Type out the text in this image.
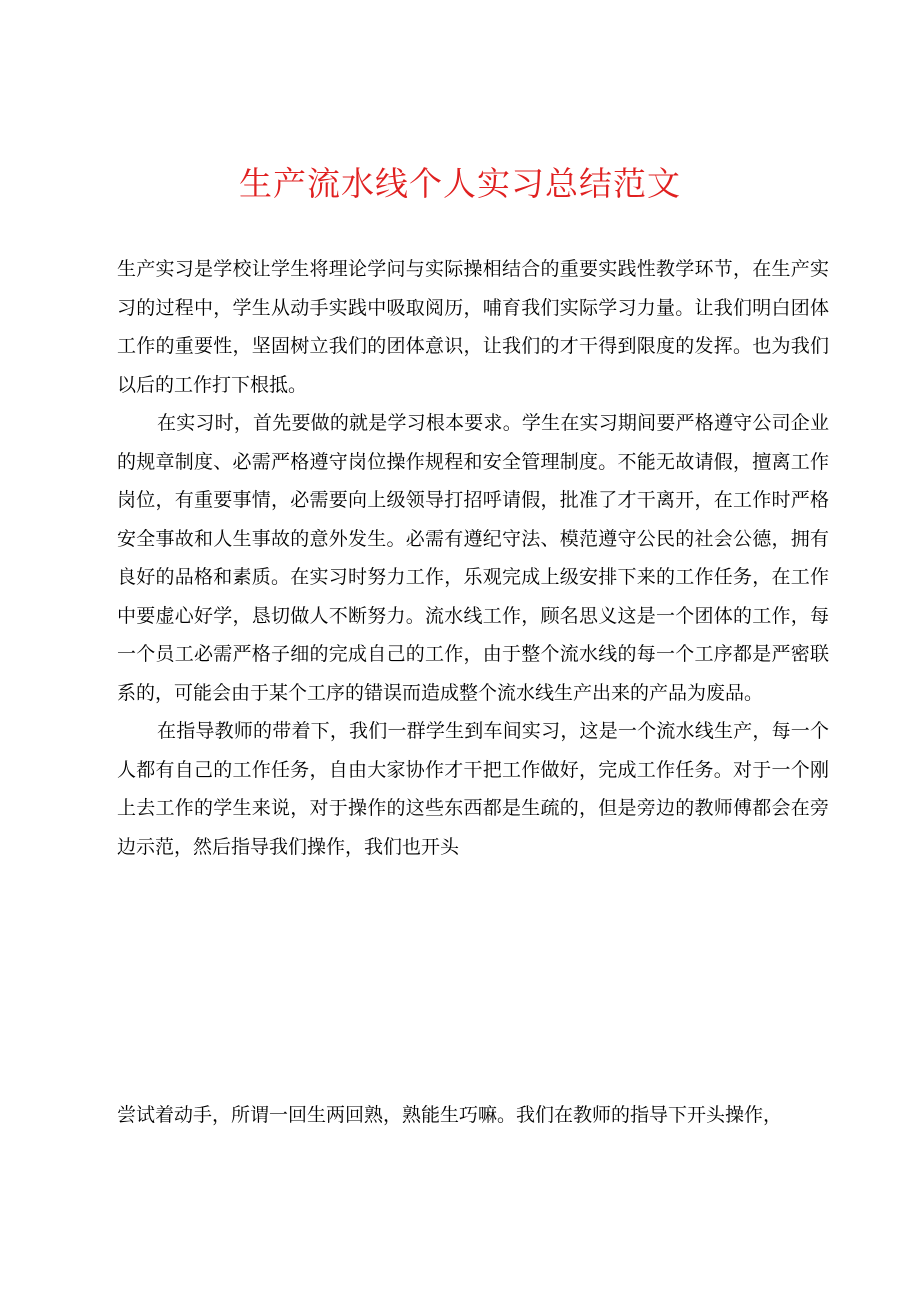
生产流水线个人实习总结范文

生产实习是学校让学生将理论学问与实际操相结合的重要实践性教学环节，在生产实习的过程中，学生从动手实践中吸取阅历，哺育我们实际学习力量。让我们明白团体工作的重要性，坚固树立我们的团体意识，让我们的才干得到限度的发挥。也为我们以后的工作打下根抵。

在实习时，首先要做的就是学习根本要求。学生在实习期间要严格遵守公司企业的规章制度、必需严格遵守岗位操作规程和安全管理制度。不能无故请假，擅离工作岗位，有重要事情，必需要向上级领导打招呼请假，批准了才干离开，在工作时严格安全事故和人生事故的意外发生。必需有遵纪守法、模范遵守公民的社会公德，拥有良好的品格和素质。在实习时努力工作，乐观完成上级安排下来的工作任务，在工作中要虚心好学，恳切做人不断努力。流水线工作，顾名思义这是一个团体的工作，每一个员工必需严格子细的完成自己的工作，由于整个流水线的每一个工序都是严密联系的，可能会由于某个工序的错误而造成整个流水线生产出来的产品为废品。

在指导教师的带着下，我们一群学生到车间实习，这是一个流水线生产，每一个人都有自己的工作任务，自由大家协作才干把工作做好，完成工作任务。对于一个刚上去工作的学生来说，对于操作的这些东西都是生疏的，但是旁边的教师傅都会在旁边示范，然后指导我们操作，我们也开头

尝试着动手，所谓一回生两回熟，熟能生巧嘛。我们在教师的指导下开头操作，
